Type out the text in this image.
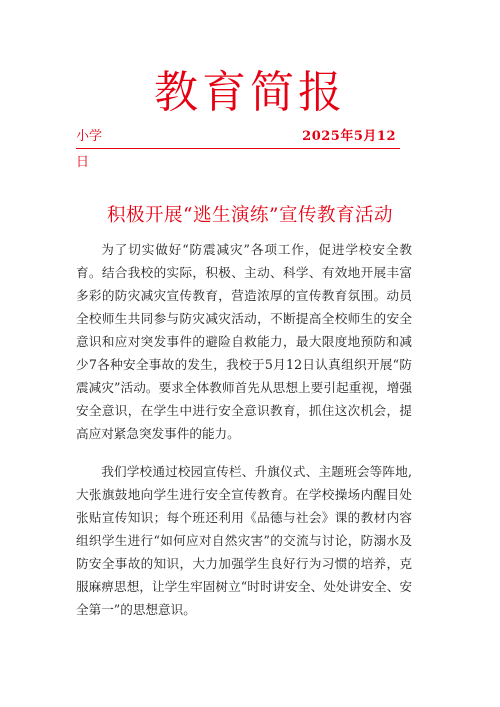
教育简报
小学	2025年5月12
日
积极开展“逃生演练”宣传教育活动

为了切实做好“防震减灾”各项工作，促进学校安全教育。结合我校的实际，积极、主动、科学、有效地开展丰富多彩的防灾减灾宣传教育，营造浓厚的宣传教育氛围。动员全校师生共同参与防灾减灾活动，不断提高全校师生的安全意识和应对突发事件的避险自救能力，最大限度地预防和减少7各种安全事故的发生，我校于5月12日认真组织开展“防震减灾”活动。要求全体教师首先从思想上要引起重视，增强安全意识，在学生中进行安全意识教育，抓住这次机会，提高应对紧急突发事件的能力。

我们学校通过校园宣传栏、升旗仪式、主题班会等阵地,大张旗鼓地向学生进行安全宣传教育。在学校操场内醒目处张贴宣传知识；每个班还利用《品德与社会》课的教材内容组织学生进行“如何应对自然灾害”的交流与讨论，防溺水及防安全事故的知识，大力加强学生良好行为习惯的培养，克服麻痹思想，让学生牢固树立“时时讲安全、处处讲安全、安全第一”的思想意识。
